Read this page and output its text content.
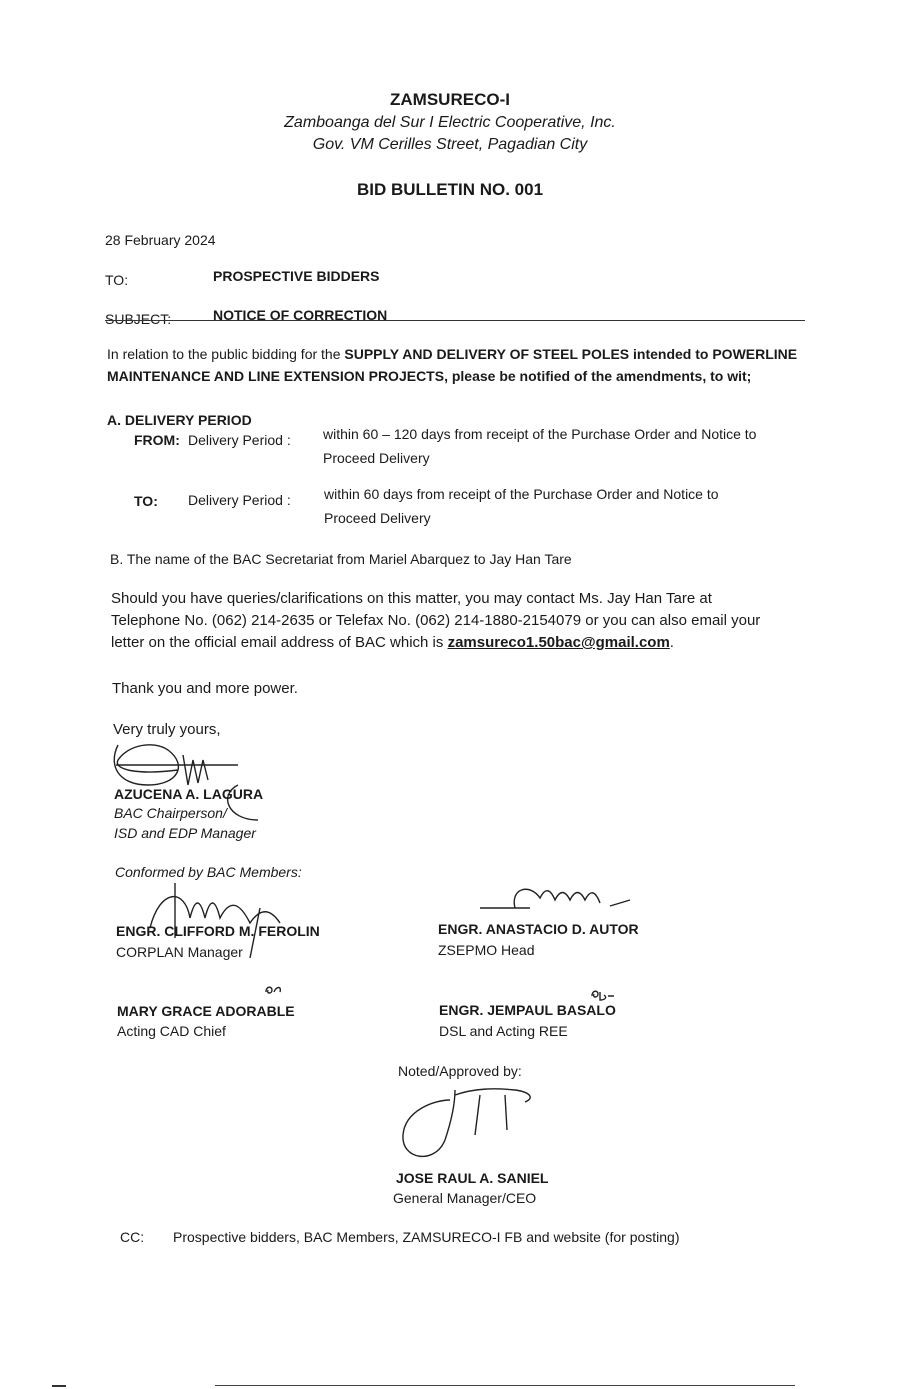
ZAMSURECO-I
Zamboanga del Sur I Electric Cooperative, Inc.
Gov. VM Cerilles Street, Pagadian City
BID BULLETIN NO. 001
28 February 2024
TO:	PROSPECTIVE BIDDERS
SUBJECT:	NOTICE OF CORRECTION
In relation to the public bidding for the SUPPLY AND DELIVERY OF STEEL POLES intended to POWERLINE
MAINTENANCE AND LINE EXTENSION PROJECTS, please be notified of the amendments, to wit;
A. DELIVERY PERIOD
FROM: Delivery Period : within 60 – 120 days from receipt of the Purchase Order and Notice to
Proceed Delivery
TO: Delivery Period : within 60 days from receipt of the Purchase Order and Notice to
Proceed Delivery
B. The name of the BAC Secretariat from Mariel Abarquez to Jay Han Tare
Should you have queries/clarifications on this matter, you may contact Ms. Jay Han Tare at
Telephone No. (062) 214-2635 or Telefax No. (062) 214-1880-2154079 or you can also email your
letter on the official email address of BAC which is zamsureco1.50bac@gmail.com.
Thank you and more power.
Very truly yours,
AZUCENA A. LAGURA
BAC Chairperson/
ISD and EDP Manager
Conformed by BAC Members:
ENGR. CLIFFORD M. FEROLIN
CORPLAN Manager
ENGR. ANASTACIO D. AUTOR
ZSEPMO Head
MARY GRACE ADORABLE
Acting CAD Chief
ENGR. JEMPAUL BASALO
DSL and Acting REE
Noted/Approved by:
JOSE RAUL A. SANIEL
General Manager/CEO
CC: Prospective bidders, BAC Members, ZAMSURECO-I FB and website (for posting)
